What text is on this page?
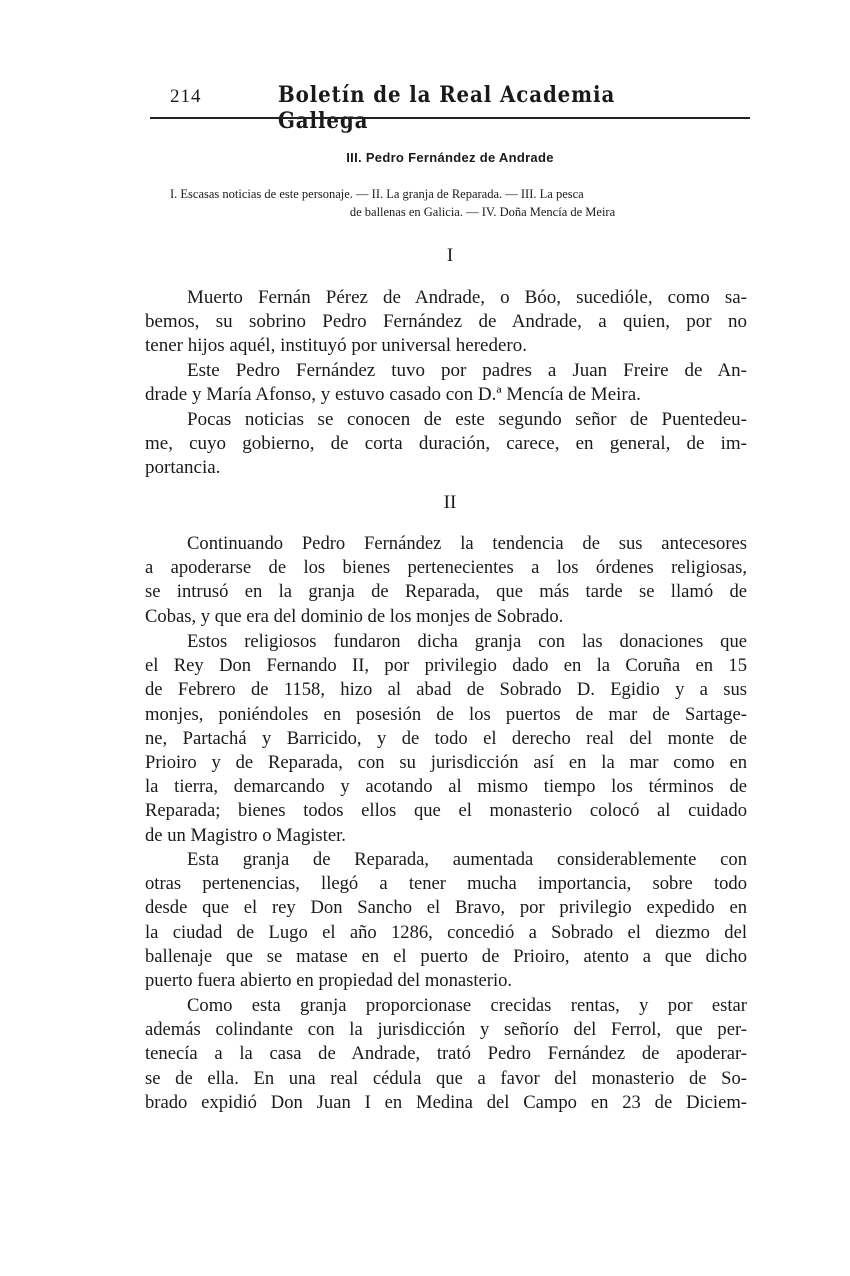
214	Boletín de la Real Academia Gallega
III. Pedro Fernández de Andrade
I. Escasas noticias de este personaje. — II. La granja de Reparada. — III. La pesca
de ballenas en Galicia. — IV. Doña Mencía de Meira
I
Muerto Fernán Pérez de Andrade, o Bóo, sucedióle, como sa-
bemos, su sobrino Pedro Fernández de Andrade, a quien, por no
tener hijos aquél, instituyó por universal heredero.
Este Pedro Fernández tuvo por padres a Juan Freire de An-
drade y María Afonso, y estuvo casado con D.ª Mencía de Meira.
Pocas noticias se conocen de este segundo señor de Puentedeu-
me, cuyo gobierno, de corta duración, carece, en general, de im-
portancia.
II
Continuando Pedro Fernández la tendencia de sus antecesores
a apoderarse de los bienes pertenecientes a los órdenes religiosas,
se intrusó en la granja de Reparada, que más tarde se llamó de
Cobas, y que era del dominio de los monjes de Sobrado.
Estos religiosos fundaron dicha granja con las donaciones que
el Rey Don Fernando II, por privilegio dado en la Coruña en 15
de Febrero de 1158, hizo al abad de Sobrado D. Egidio y a sus
monjes, poniéndoles en posesión de los puertos de mar de Sartage-
ne, Partachá y Barricido, y de todo el derecho real del monte de
Prioiro y de Reparada, con su jurisdicción así en la mar como en
la tierra, demarcando y acotando al mismo tiempo los términos de
Reparada; bienes todos ellos que el monasterio colocó al cuidado
de un Magistro o Magister.
Esta granja de Reparada, aumentada considerablemente con
otras pertenencias, llegó a tener mucha importancia, sobre todo
desde que el rey Don Sancho el Bravo, por privilegio expedido en
la ciudad de Lugo el año 1286, concedió a Sobrado el diezmo del
ballenaje que se matase en el puerto de Prioiro, atento a que dicho
puerto fuera abierto en propiedad del monasterio.
Como esta granja proporcionase crecidas rentas, y por estar
además colindante con la jurisdicción y señorío del Ferrol, que per-
tenecía a la casa de Andrade, trató Pedro Fernández de apoderar-
se de ella. En una real cédula que a favor del monasterio de So-
brado expidió Don Juan I en Medina del Campo en 23 de Diciem-
